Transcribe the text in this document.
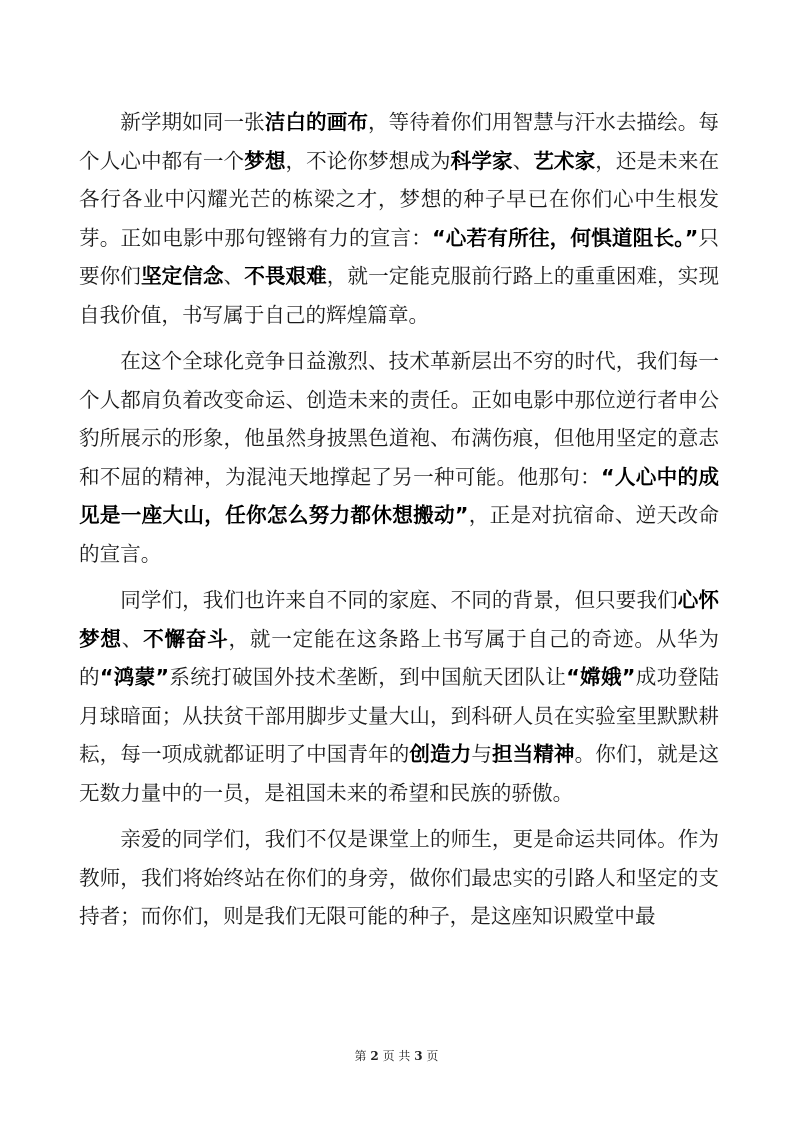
新学期如同一张洁白的画布，等待着你们用智慧与汗水去描绘。每个人心中都有一个梦想，不论你梦想成为科学家、艺术家，还是未来在各行各业中闪耀光芒的栋梁之才，梦想的种子早已在你们心中生根发芽。正如电影中那句铿锵有力的宣言：“心若有所往，何惧道阻长。”只要你们坚定信念、不畏艰难，就一定能克服前行路上的重重困难，实现自我价值，书写属于自己的辉煌篇章。

在这个全球化竞争日益激烈、技术革新层出不穷的时代，我们每一个人都肩负着改变命运、创造未来的责任。正如电影中那位逆行者申公豹所展示的形象，他虽然身披黑色道袍、布满伤痕，但他用坚定的意志和不屈的精神，为混沌天地撑起了另一种可能。他那句：“人心中的成见是一座大山，任你怎么努力都休想搬动”，正是对抗宿命、逆天改命的宣言。

同学们，我们也许来自不同的家庭、不同的背景，但只要我们心怀梦想、不懈奋斗，就一定能在这条路上书写属于自己的奇迹。从华为的“鸿蒙”系统打破国外技术垄断，到中国航天团队让“嫦娥”成功登陆月球暗面；从扶贫干部用脚步丈量大山，到科研人员在实验室里默默耕耘，每一项成就都证明了中国青年的创造力与担当精神。你们，就是这无数力量中的一员，是祖国未来的希望和民族的骄傲。

亲爱的同学们，我们不仅是课堂上的师生，更是命运共同体。作为教师，我们将始终站在你们的身旁，做你们最忠实的引路人和坚定的支持者；而你们，则是我们无限可能的种子，是这座知识殿堂中最

第 2 页 共 3 页
